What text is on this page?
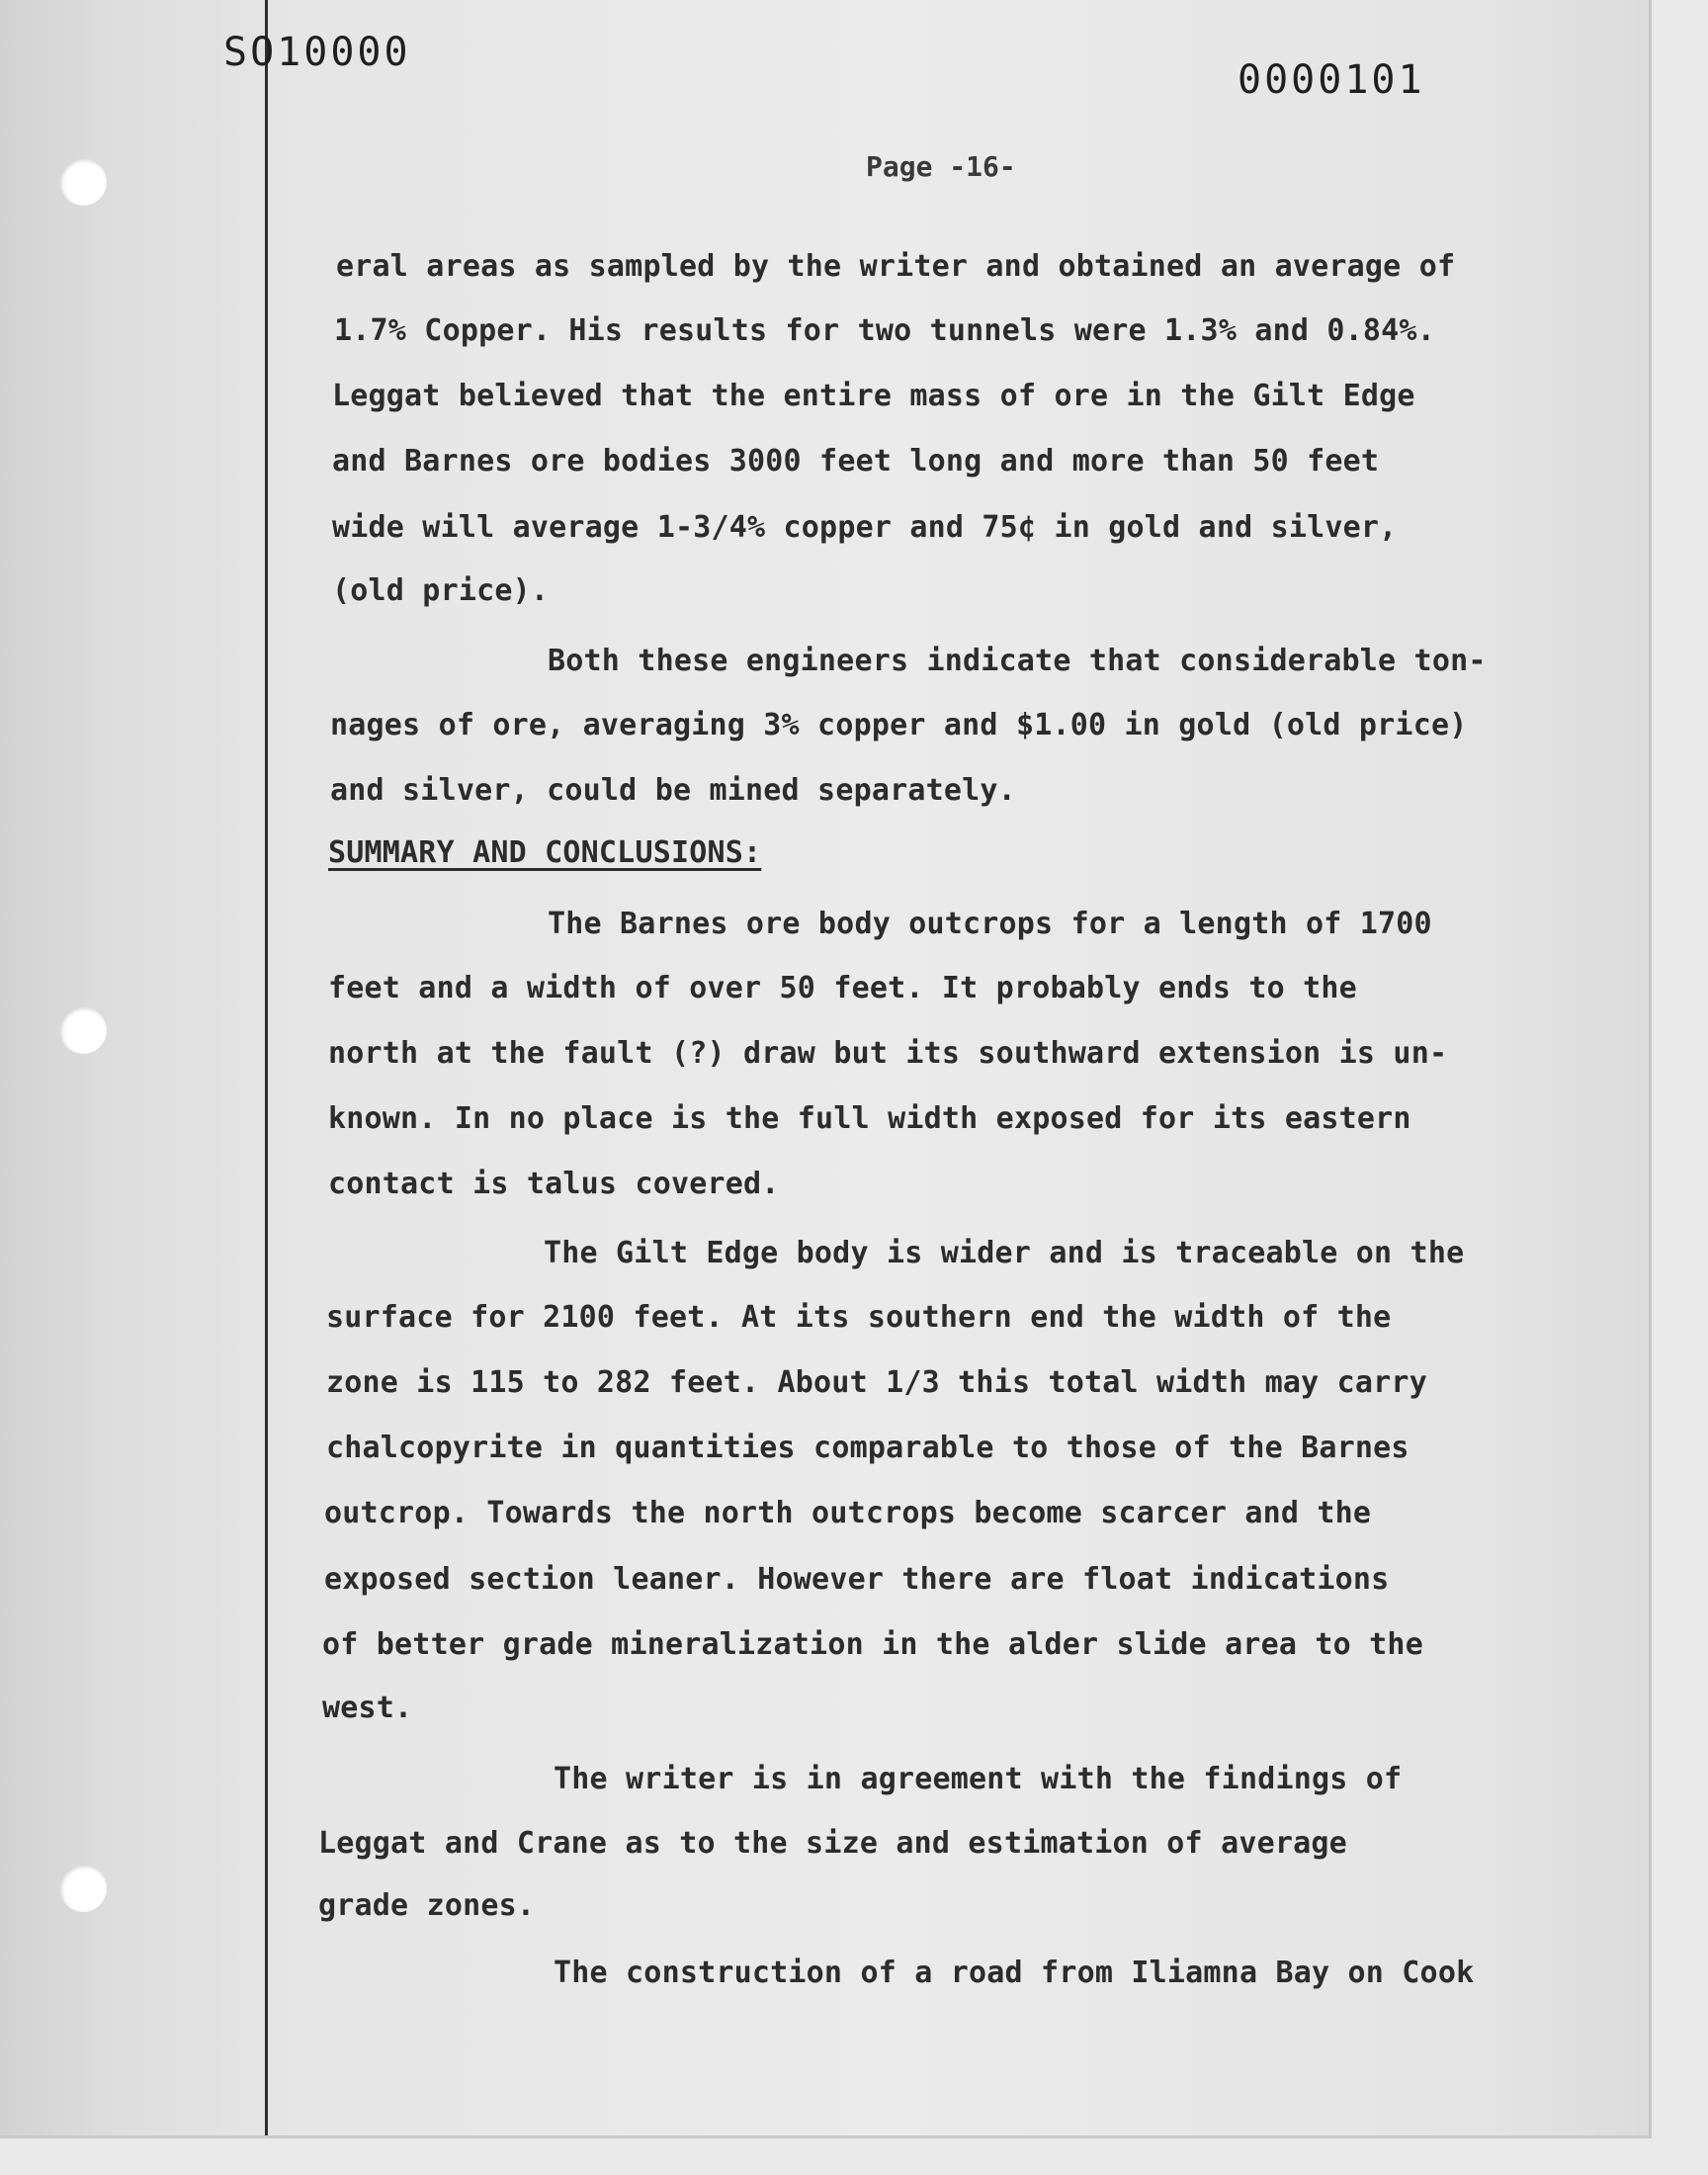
SO10000
0000101
Page -16-
eral areas as sampled by the writer and obtained an average of
1.7% Copper. His results for two tunnels were 1.3% and 0.84%.
Leggat believed that the entire mass of ore in the Gilt Edge
and Barnes ore bodies 3000 feet long and more than 50 feet
wide will average 1-3/4% copper and 75¢ in gold and silver,
(old price).
Both these engineers indicate that considerable ton-
nages of ore, averaging 3% copper and $1.00 in gold (old price)
and silver, could be mined separately.
SUMMARY AND CONCLUSIONS:
The Barnes ore body outcrops for a length of 1700
feet and a width of over 50 feet. It probably ends to the
north at the fault (?) draw but its southward extension is un-
known. In no place is the full width exposed for its eastern
contact is talus covered.
The Gilt Edge body is wider and is traceable on the
surface for 2100 feet. At its southern end the width of the
zone is 115 to 282 feet. About 1/3 this total width may carry
chalcopyrite in quantities comparable to those of the Barnes
outcrop. Towards the north outcrops become scarcer and the
exposed section leaner. However there are float indications
of better grade mineralization in the alder slide area to the
west.
The writer is in agreement with the findings of
Leggat and Crane as to the size and estimation of average
grade zones.
The construction of a road from Iliamna Bay on Cook
